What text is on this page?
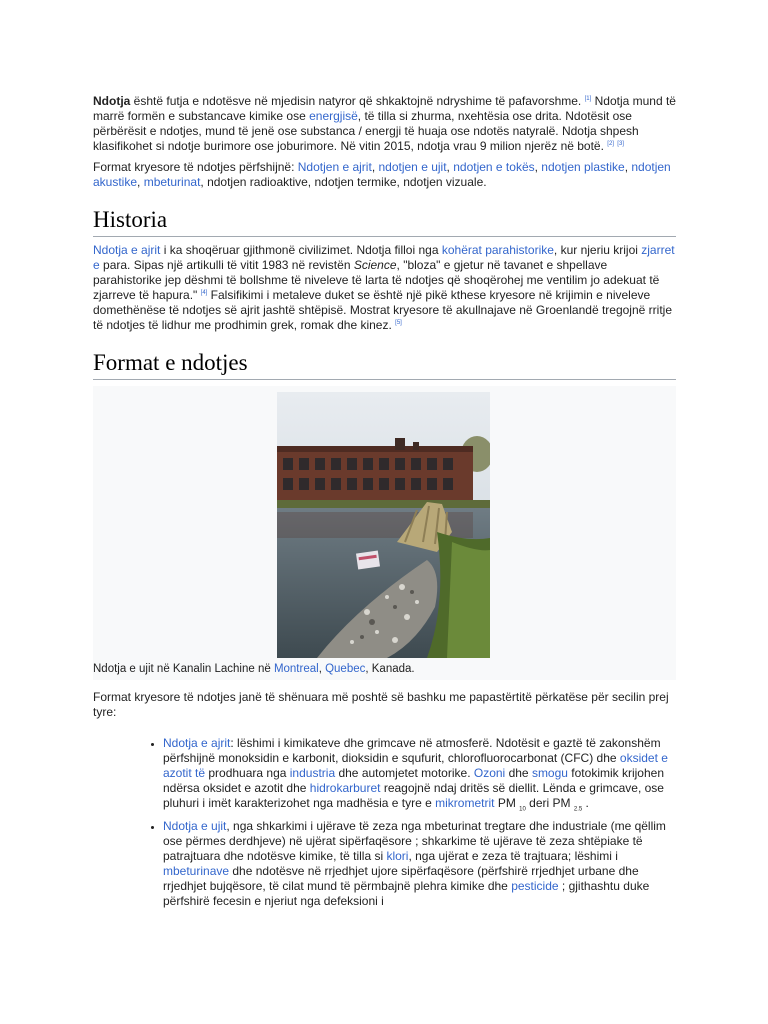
Ndotja është futja e ndotësve në mjedisin natyror që shkaktojnë ndryshime të pafavorshme. [1] Ndotja mund të marrë formën e substancave kimike ose energjisë, të tilla si zhurma, nxehtësia ose drita. Ndotësit ose përbërësit e ndotjes, mund të jenë ose substanca / energji të huaja ose ndotës natyralë. Ndotja shpesh klasifikohet si ndotje burimore ose joburimore. Në vitin 2015, ndotja vrau 9 milion njerëz në botë. [2] [3]

Format kryesore të ndotjes përfshijnë: Ndotjen e ajrit, ndotjen e ujit, ndotjen e tokës, ndotjen plastike, ndotjen akustike, mbeturinat, ndotjen radioaktive, ndotjen termike, ndotjen vizuale.

Historia

Ndotja e ajrit i ka shoqëruar gjithmonë civilizimet. Ndotja filloi nga kohërat parahistorike, kur njeriu krijoi zjarret e para. Sipas një artikulli të vitit 1983 në revistën Science, "bloza" e gjetur në tavanet e shpellave parahistorike jep dëshmi të bollshme të niveleve të larta të ndotjes që shoqërohej me ventilim jo adekuat të zjarreve të hapura." [4] Falsifikimi i metaleve duket se është një pikë kthese kryesore në krijimin e niveleve domethënëse të ndotjes së ajrit jashtë shtëpisë. Mostrat kryesore të akullnajave në Groenlandë tregojnë rritje të ndotjes të lidhur me prodhimin grek, romak dhe kinez. [5]

Format e ndotjes

Ndotja e ujit në Kanalin Lachine në Montreal, Quebec, Kanada.

Format kryesore të ndotjes janë të shënuara më poshtë së bashku me papastërtitë përkatëse për secilin prej tyre:

• Ndotja e ajrit: lëshimi i kimikateve dhe grimcave në atmosferë. Ndotësit e gaztë të zakonshëm përfshijnë monoksidin e karbonit, dioksidin e squfurit, chlorofluorocarbonat (CFC) dhe oksidet e azotit të prodhuara nga industria dhe automjetet motorike. Ozoni dhe smogu fotokimik krijohen ndërsa oksidet e azotit dhe hidrokarburet reagojnë ndaj dritës së diellit. Lënda e grimcave, ose pluhuri i imët karakterizohet nga madhësia e tyre e mikrometrit PM $_{10}$ deri PM $_{2.5}$ .
• Ndotja e ujit, nga shkarkimi i ujërave të zeza nga mbeturinat tregtare dhe industriale (me qëllim ose përmes derdhjeve) në ujërat sipërfaqësore ; shkarkime të ujërave të zeza shtëpiake të patrajtuara dhe ndotësve kimike, të tilla si klori, nga ujërat e zeza të trajtuara; lëshimi i mbeturinave dhe ndotësve në rrjedhjet ujore sipërfaqësore (përfshirë rrjedhjet urbane dhe rrjedhjet bujqësore, të cilat mund të përmbajnë plehra kimike dhe pesticide ; gjithashtu duke përfshirë fecesin e njeriut nga defeksioni i
